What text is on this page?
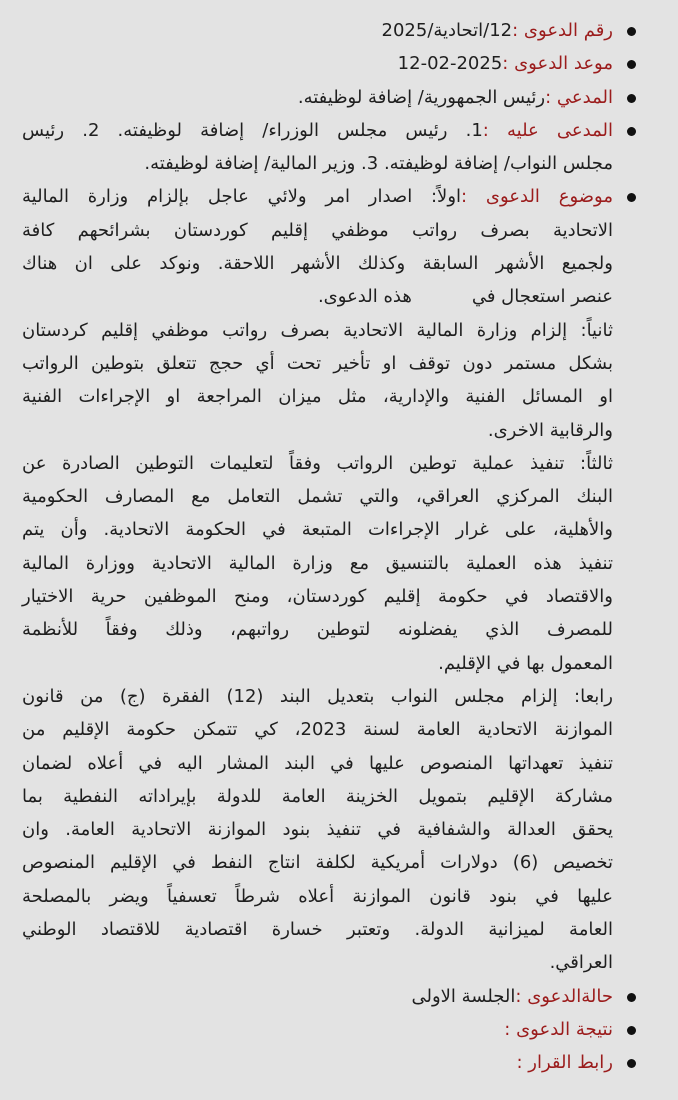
رقم الدعوى :12/اتحادية/2025
موعد الدعوى :2025-02-12
المدعي :رئيس الجمهورية/ إضافة لوظيفته.
المدعى عليه :1. رئيس مجلس الوزراء/ إضافة لوظيفته. 2. رئيس
مجلس النواب/ إضافة لوظيفته. 3. وزير المالية/ إضافة لوظيفته.
موضوع الدعوى :اولاً: اصدار امر ولائي عاجل بإلزام وزارة المالية
الاتحادية بصرف رواتب موظفي إقليم كوردستان بشرائحهم كافة
ولجميع الأشهر السابقة وكذلك الأشهر اللاحقة. ونوكد على ان هناك
عنصر استعجال فيهذه الدعوى.
ثانياً: إلزام وزارة المالية الاتحادية بصرف رواتب موظفي إقليم كردستان
بشكل مستمر دون توقف او تأخير تحت أي حجج تتعلق بتوطين الرواتب
او المسائل الفنية والإدارية، مثل ميزان المراجعة او الإجراءات الفنية
والرقابية الاخرى.
ثالثاً: تنفيذ عملية توطين الرواتب وفقاً لتعليمات التوطين الصادرة عن
البنك المركزي العراقي، والتي تشمل التعامل مع المصارف الحكومية
والأهلية، على غرار الإجراءات المتبعة في الحكومة الاتحادية. وأن يتم
تنفيذ هذه العملية بالتنسيق مع وزارة المالية الاتحادية ووزارة المالية
والاقتصاد في حكومة إقليم كوردستان، ومنح الموظفين حرية الاختيار
للمصرف الذي يفضلونه لتوطين رواتبهم، وذلك وفقاً للأنظمة
المعمول بها في الإقليم.
رابعا: إلزام مجلس النواب بتعديل البند (12) الفقرة (ج) من قانون
الموازنة الاتحادية العامة لسنة 2023، كي تتمكن حكومة الإقليم من
تنفيذ تعهداتها المنصوص عليها في البند المشار اليه في أعلاه لضمان
مشاركة الإقليم بتمويل الخزينة العامة للدولة بإيراداته النفطية بما
يحقق العدالة والشفافية في تنفيذ بنود الموازنة الاتحادية العامة. وان
تخصيص (6) دولارات أمريكية لكلفة انتاج النفط في الإقليم المنصوص
عليها في بنود قانون الموازنة أعلاه شرطاً تعسفياً ويضر بالمصلحة
العامة لميزانية الدولة. وتعتبر خسارة اقتصادية للاقتصاد الوطني
العراقي.
حالةالدعوى :الجلسة الاولى
نتيجة الدعوى :
رابط القرار :
